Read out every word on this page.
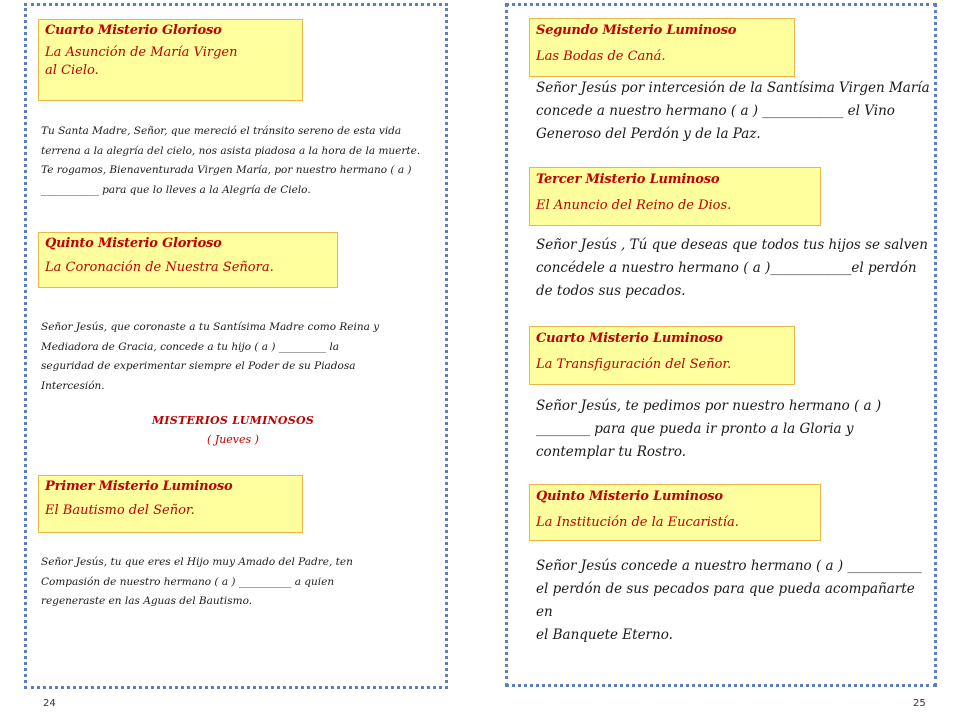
Cuarto Misterio Glorioso
La Asunción de María Virgen
al Cielo.
Tu Santa Madre, Señor, que mereció el tránsito sereno de esta vida
terrena a la alegría del cielo, nos asista piadosa a la hora de la muerte.
Te rogamos, Bienaventurada Virgen María, por nuestro hermano ( a )
___________ para que lo lleves a la Alegría de Cielo.
Quinto Misterio Glorioso
La Coronación de Nuestra Señora.
Señor Jesús, que coronaste a tu Santísima Madre como Reina y
Mediadora de Gracia, concede a tu hijo ( a ) _________ la
seguridad de experimentar siempre el Poder de su Piadosa
Intercesión.
MISTERIOS LUMINOSOS
( Jueves )
Primer Misterio Luminoso
El Bautismo del Señor.
Señor Jesús, tu que eres el Hijo muy Amado del Padre, ten
Compasión de nuestro hermano ( a ) __________ a quien
regeneraste en las Aguas del Bautismo.
24
Segundo Misterio Luminoso
Las Bodas de Caná.
Señor Jesús por intercesión de la Santísima Virgen María
concede a nuestro hermano ( a ) ____________ el Vino
Generoso del Perdón y de la Paz.
Tercer Misterio Luminoso
El Anuncio del Reino de Dios.
Señor Jesús , Tú que deseas que todos tus hijos se salven
concédele a nuestro hermano ( a )____________el perdón
de todos sus pecados.
Cuarto Misterio Luminoso
La Transfiguración del Señor.
Señor Jesús, te pedimos por nuestro hermano ( a )
________ para que pueda ir pronto a la Gloria y
contemplar tu Rostro.
Quinto Misterio Luminoso
La Institución de la Eucaristía.
Señor Jesús concede a nuestro hermano ( a ) ___________
el perdón de sus pecados para que pueda acompañarte en
el Banquete Eterno.
25
